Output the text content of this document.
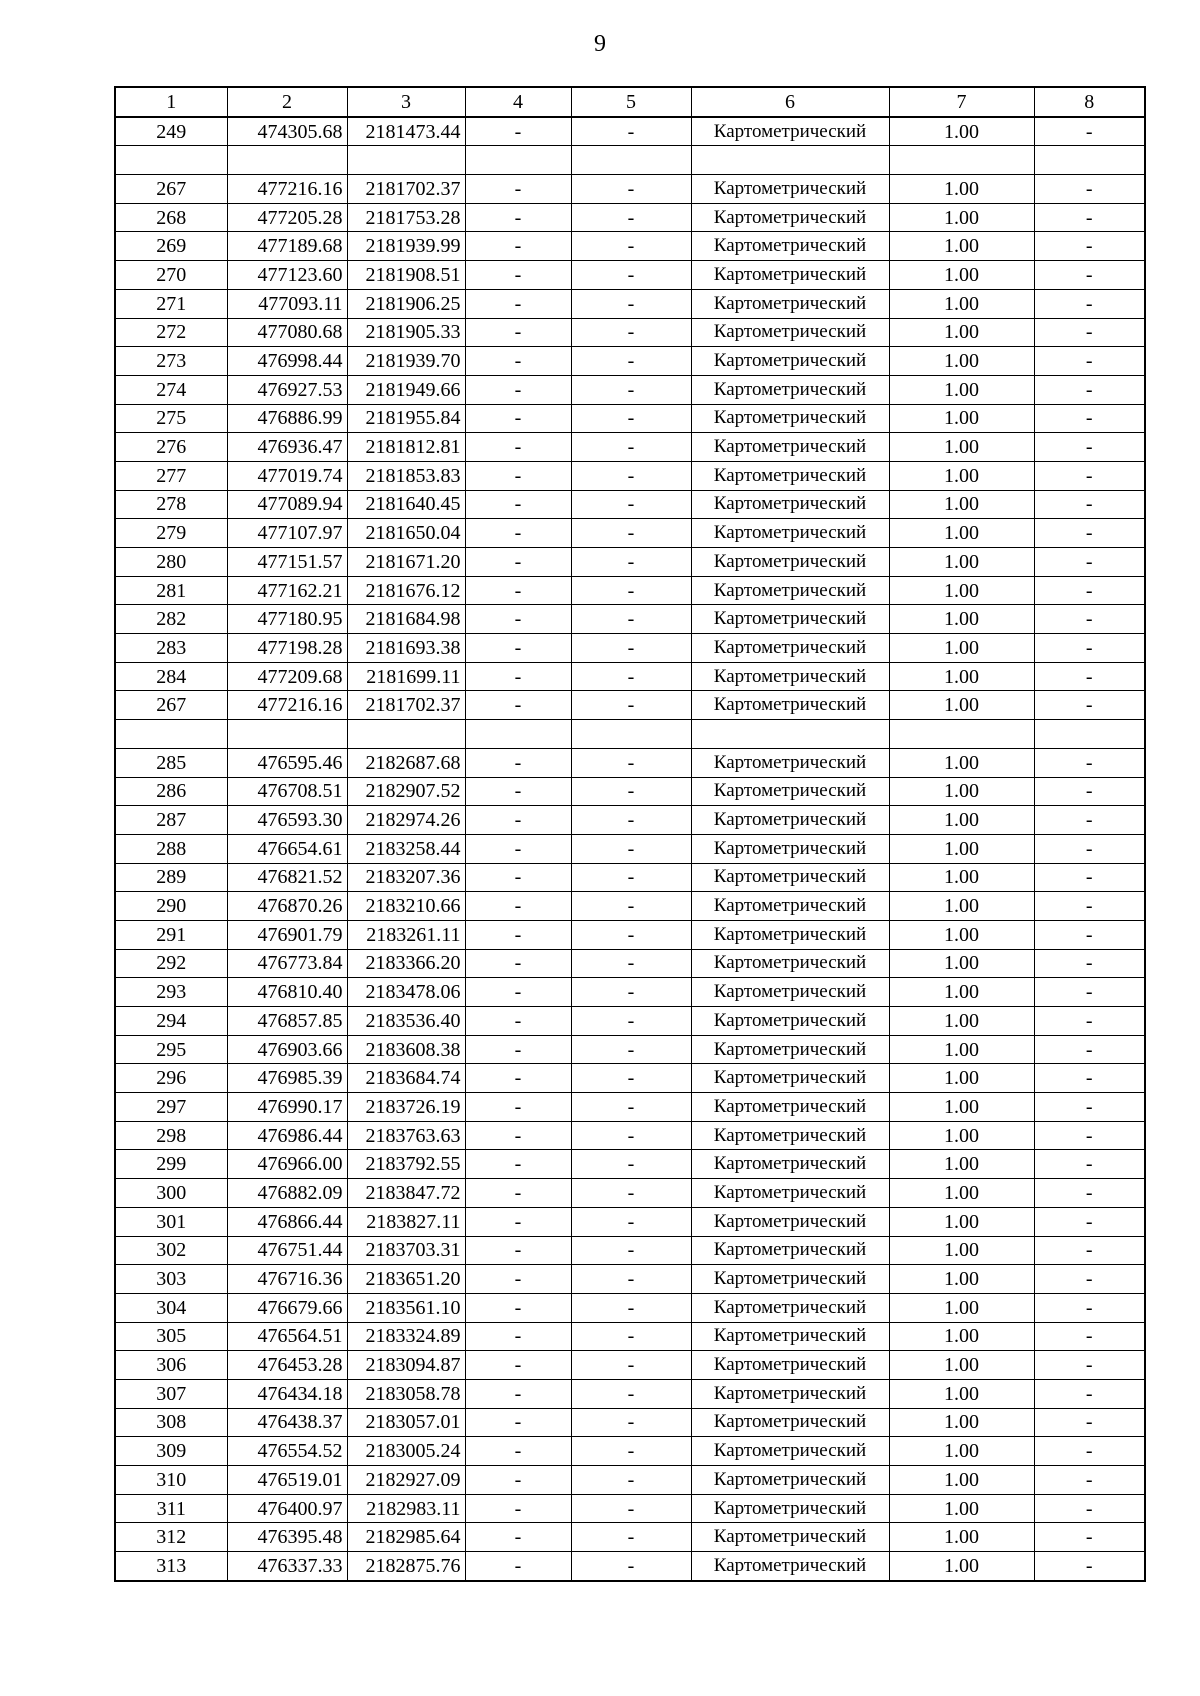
9
1	2	3	4	5	6	7	8
249	474305.68	2181473.44	-	-	Картометрический	1.00	-

267	477216.16	2181702.37	-	-	Картометрический	1.00	-
268	477205.28	2181753.28	-	-	Картометрический	1.00	-
269	477189.68	2181939.99	-	-	Картометрический	1.00	-
270	477123.60	2181908.51	-	-	Картометрический	1.00	-
271	477093.11	2181906.25	-	-	Картометрический	1.00	-
272	477080.68	2181905.33	-	-	Картометрический	1.00	-
273	476998.44	2181939.70	-	-	Картометрический	1.00	-
274	476927.53	2181949.66	-	-	Картометрический	1.00	-
275	476886.99	2181955.84	-	-	Картометрический	1.00	-
276	476936.47	2181812.81	-	-	Картометрический	1.00	-
277	477019.74	2181853.83	-	-	Картометрический	1.00	-
278	477089.94	2181640.45	-	-	Картометрический	1.00	-
279	477107.97	2181650.04	-	-	Картометрический	1.00	-
280	477151.57	2181671.20	-	-	Картометрический	1.00	-
281	477162.21	2181676.12	-	-	Картометрический	1.00	-
282	477180.95	2181684.98	-	-	Картометрический	1.00	-
283	477198.28	2181693.38	-	-	Картометрический	1.00	-
284	477209.68	2181699.11	-	-	Картометрический	1.00	-
267	477216.16	2181702.37	-	-	Картометрический	1.00	-

285	476595.46	2182687.68	-	-	Картометрический	1.00	-
286	476708.51	2182907.52	-	-	Картометрический	1.00	-
287	476593.30	2182974.26	-	-	Картометрический	1.00	-
288	476654.61	2183258.44	-	-	Картометрический	1.00	-
289	476821.52	2183207.36	-	-	Картометрический	1.00	-
290	476870.26	2183210.66	-	-	Картометрический	1.00	-
291	476901.79	2183261.11	-	-	Картометрический	1.00	-
292	476773.84	2183366.20	-	-	Картометрический	1.00	-
293	476810.40	2183478.06	-	-	Картометрический	1.00	-
294	476857.85	2183536.40	-	-	Картометрический	1.00	-
295	476903.66	2183608.38	-	-	Картометрический	1.00	-
296	476985.39	2183684.74	-	-	Картометрический	1.00	-
297	476990.17	2183726.19	-	-	Картометрический	1.00	-
298	476986.44	2183763.63	-	-	Картометрический	1.00	-
299	476966.00	2183792.55	-	-	Картометрический	1.00	-
300	476882.09	2183847.72	-	-	Картометрический	1.00	-
301	476866.44	2183827.11	-	-	Картометрический	1.00	-
302	476751.44	2183703.31	-	-	Картометрический	1.00	-
303	476716.36	2183651.20	-	-	Картометрический	1.00	-
304	476679.66	2183561.10	-	-	Картометрический	1.00	-
305	476564.51	2183324.89	-	-	Картометрический	1.00	-
306	476453.28	2183094.87	-	-	Картометрический	1.00	-
307	476434.18	2183058.78	-	-	Картометрический	1.00	-
308	476438.37	2183057.01	-	-	Картометрический	1.00	-
309	476554.52	2183005.24	-	-	Картометрический	1.00	-
310	476519.01	2182927.09	-	-	Картометрический	1.00	-
311	476400.97	2182983.11	-	-	Картометрический	1.00	-
312	476395.48	2182985.64	-	-	Картометрический	1.00	-
313	476337.33	2182875.76	-	-	Картометрический	1.00	-
